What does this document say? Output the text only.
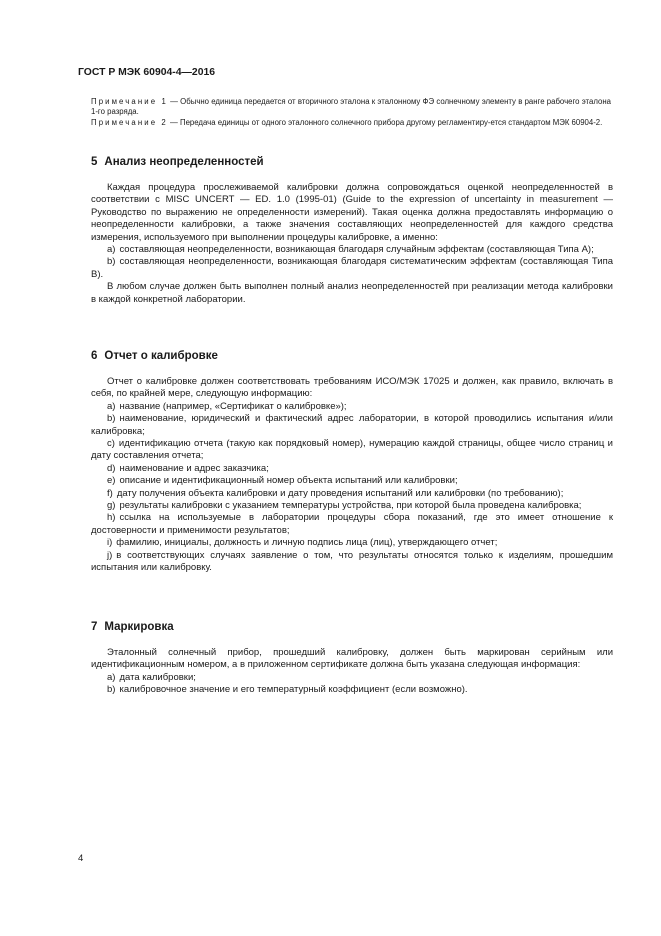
ГОСТ Р МЭК 60904-4—2016
Примечание 1 — Обычно единица передается от вторичного эталона к эталонному ФЭ солнечному элементу в ранге рабочего эталона 1-го разряда.
Примечание 2 — Передача единицы от одного эталонного солнечного прибора другому регламентиру-ется стандартом МЭК 60904-2.
5 Анализ неопределенностей

Каждая процедура прослеживаемой калибровки должна сопровождаться оценкой неопределенностей в соответствии с MISC UNCERT — ED. 1.0 (1995-01) (Guide to the expression of uncertainty in measurement — Руководство по выражению не определенности измерений). Такая оценка должна предоставлять информацию о неопределенности калибровки, а также значения составляющих неопределенностей для каждого средства измерения, используемого при выполнении процедуры калибровке, а именно:

a) составляющая неопределенности, возникающая благодаря случайным эффектам (составляющая Типа А);
b) составляющая неопределенности, возникающая благодаря систематическим эффектам (составляющая Типа В).

В любом случае должен быть выполнен полный анализ неопределенностей при реализации метода калибровки в каждой конкретной лаборатории.

6 Отчет о калибровке

Отчет о калибровке должен соответствовать требованиям ИСО/МЭК 17025 и должен, как правило, включать в себя, по крайней мере, следующую информацию:

a) название (например, «Сертификат о калибровке»);
b) наименование, юридический и фактический адрес лаборатории, в которой проводились испытания и/или калибровка;
c) идентификацию отчета (такую как порядковый номер), нумерацию каждой страницы, общее число страниц и дату составления отчета;
d) наименование и адрес заказчика;
e) описание и идентификационный номер объекта испытаний или калибровки;
f) дату получения объекта калибровки и дату проведения испытаний или калибровки (по требованию);
g) результаты калибровки с указанием температуры устройства, при которой была проведена калибровка;
h) ссылка на используемые в лаборатории процедуры сбора показаний, где это имеет отношение к достоверности и применимости результатов;
i) фамилию, инициалы, должность и личную подпись лица (лиц), утверждающего отчет;
j) в соответствующих случаях заявление о том, что результаты относятся только к изделиям, прошедшим испытания или калибровку.
7 Маркировка

Эталонный солнечный прибор, прошедший калибровку, должен быть маркирован серийным или идентификационным номером, а в приложенном сертификате должна быть указана следующая информация:

a) дата калибровки;
b) калибровочное значение и его температурный коэффициент (если возможно).
4
